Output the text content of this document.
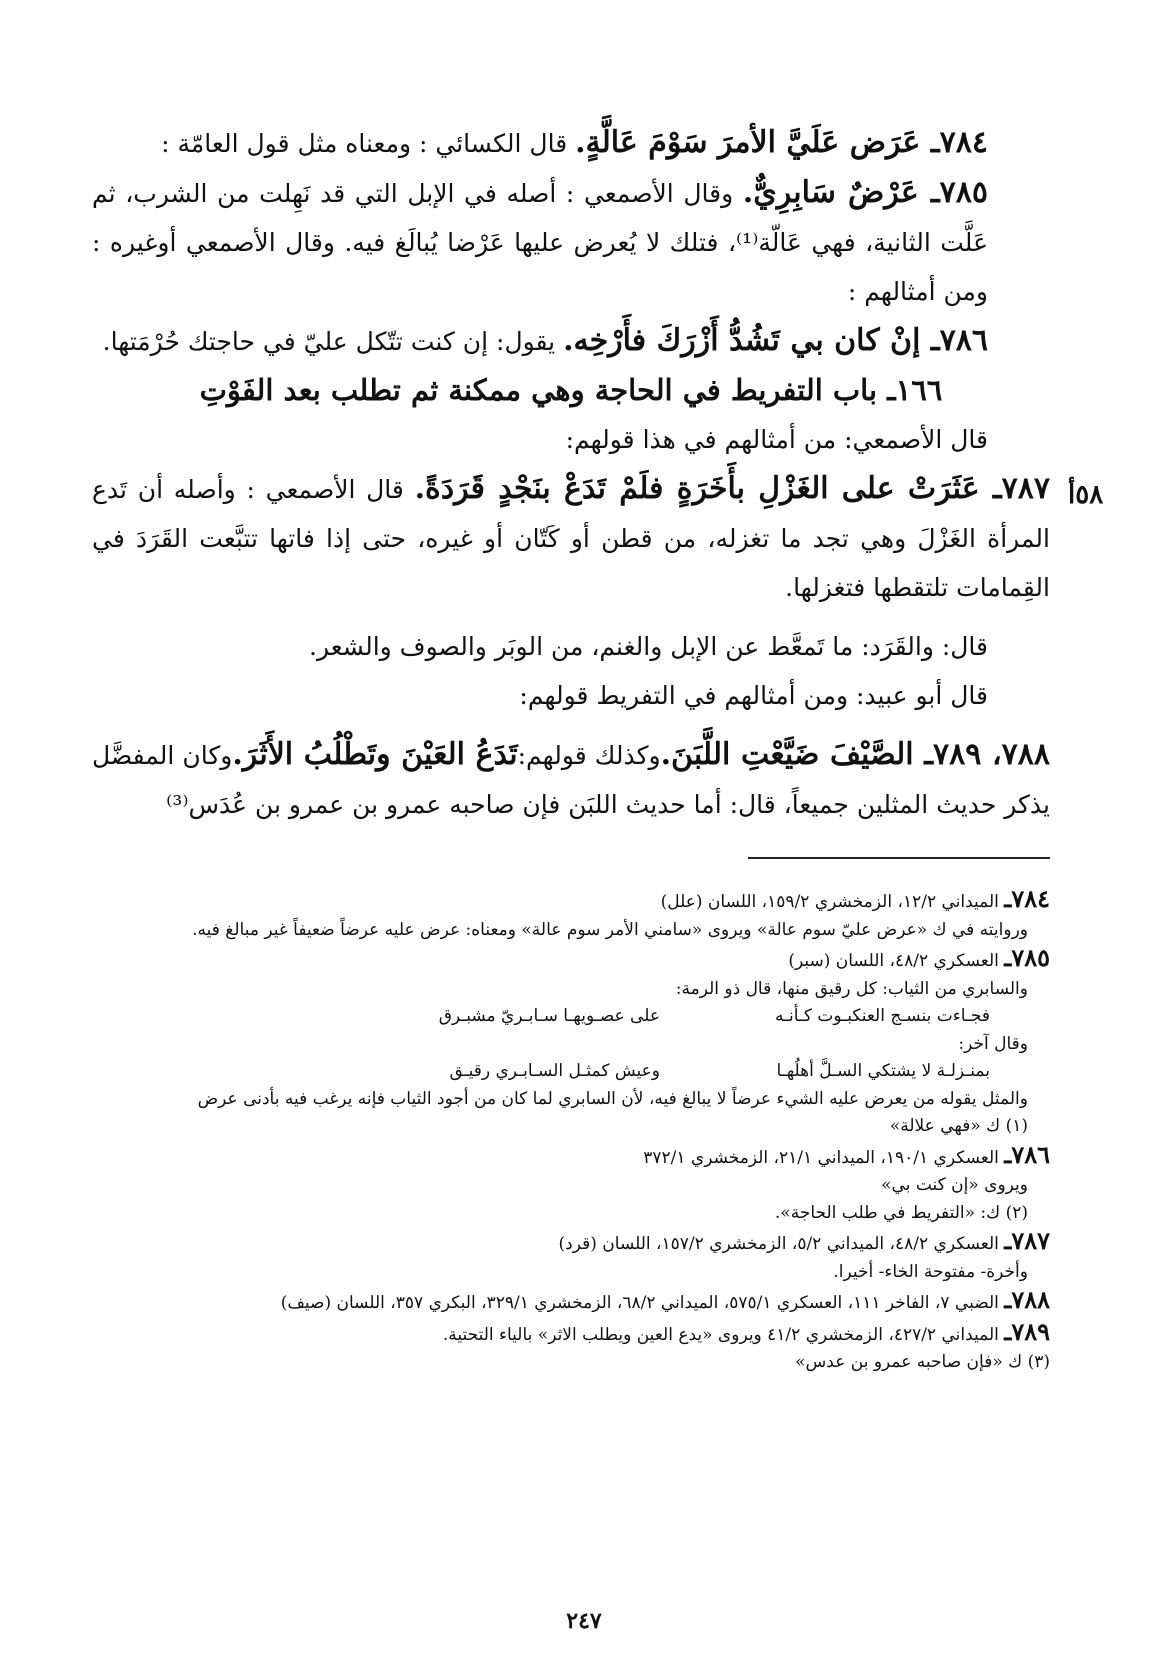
٥٨أ

٧٨٤ـ عَرَض عَلَيَّ الأمرَ سَوْمَ عَالَّةٍ. قال الكسائي : ومعناه مثل قول العامّة :

٧٨٥ـ عَرْضٌ سَابِرِيٌّ. وقال الأصمعي : أصله في الإبل التي قد نَهِلت من الشرب، ثم عَلَّت الثانية، فهي عَالّة⁽¹⁾، فتلك لا يُعرض عليها عَرْضا يُبالَغ فيه. وقال الأصمعي أوغيره : ومن أمثالهم :

٧٨٦ـ إنْ كان بي تَشُدُّ أَزْرَكَ فأَرْخِه. يقول: إن كنت تتّكل عليّ في حاجتك حُرْمَتها.

١٦٦ـ باب التفريط في الحاجة وهي ممكنة ثم تطلب بعد الفَوْتِ

قال الأصمعي: من أمثالهم في هذا قولهم:

٧٨٧ـ عَثَرَتْ على الغَزْلِ بأَخَرَةٍ فلَمْ تَدَعْ بنَجْدٍ قَرَدَةً. قال الأصمعي : وأصله أن تَدع المرأة الغَزْلَ وهي تجد ما تغزله، من قطن أو كَتّان أو غيره، حتى إذا فاتها تتبَّعت القَرَدَ في القِمامات تلتقطها فتغزلها.

قال: والقَرَد: ما تَمعَّط عن الإبل والغنم، من الوبَر والصوف والشعر.

قال أبو عبيد: ومن أمثالهم في التفريط قولهم:

٧٨٨، ٧٨٩ـ الصَّيْفَ ضَيَّعْتِ اللَّبَنَ.وكذلك قولهم:تَدَعُ العَيْنَ وتَطْلُبُ الأَثَرَ.وكان المفضَّل يذكر حديث المثلين جميعاً، قال: أما حديث اللبَن فإن صاحبه عمرو بن عمرو بن عُدَس⁽³⁾

٧٨٤ـ الميداني ١٢/٢، الزمخشري ١٥٩/٢، اللسان (علل)

وروايته في ك «عرض عليّ سوم عالة» ويروى «سامني الأمر سوم عالة» ومعناه: عرض عليه عرضاً ضعيفاً غير مبالغ فيه.

٧٨٥ـ العسكري ٤٨/٢، اللسان (سبر)

والسابري من الثياب: كل رقيق منها، قال ذو الرمة:

فجـاءت بنسـج العنكبـوت كـأنـه
على عصـويهـا سـابـريّ مشبـرق

وقال آخر:

بمنـزلـة لا يشتكي السـلَّ أهلُهـا
وعيش كمثـل السـابـري رقيـق

والمثل يقوله من يعرض عليه الشيء عرضاً لا يبالغ فيه، لأن السابري لما كان من أجود الثياب فإنه يرغب فيه بأدنى عرض

(١) ك «فهي علالة»

٧٨٦ـ العسكري ١٩٠/١، الميداني ٢١/١، الزمخشري ٣٧٢/١

ويروى «إن كنت بي»

(٢) ك: «التفريط في طلب الحاجة».

٧٨٧ـ العسكري ٤٨/٢، الميداني ٥/٢، الزمخشري ١٥٧/٢، اللسان (قرد)

وأخرة- مفتوحة الخاء- أخيرا.

٧٨٨ـ الضبي ٧، الفاخر ١١١، العسكري ٥٧٥/١، الميداني ٦٨/٢، الزمخشري ٣٢٩/١، البكري ٣٥٧، اللسان (صيف)

٧٨٩ـ الميداني ٤٢٧/٢، الزمخشري ٤١/٢ ويروى «يدع العين ويطلب الاثر» بالياء التحتية.

(٣) ك «فإن صاحبه عمرو بن عدس»

٢٤٧
